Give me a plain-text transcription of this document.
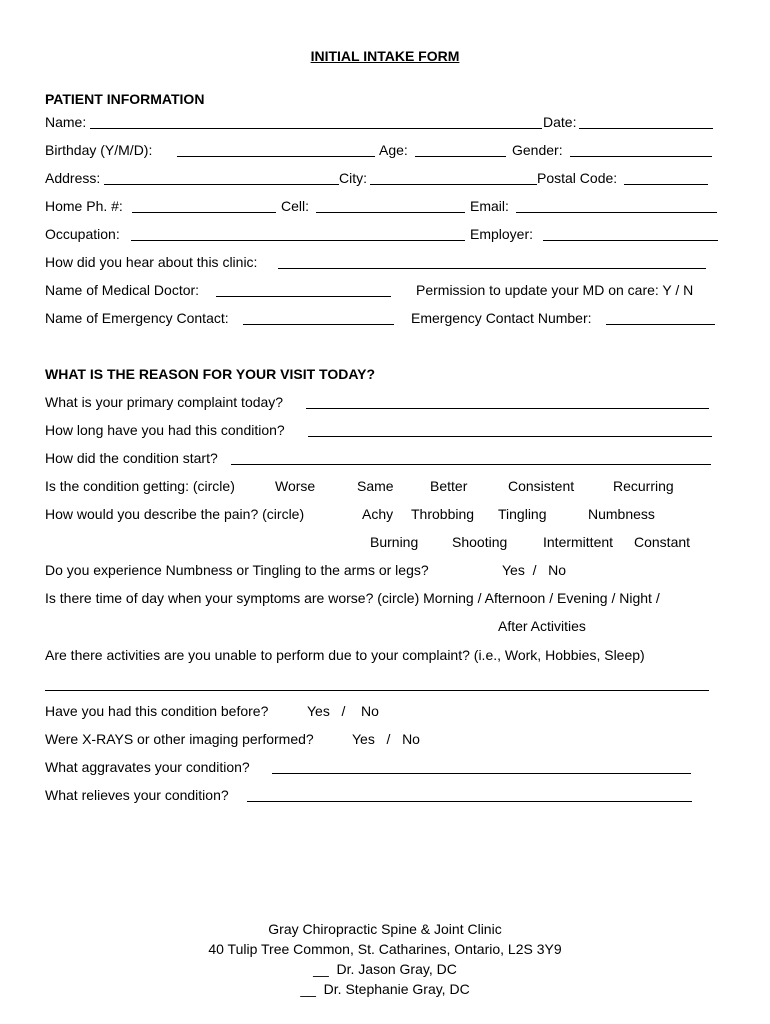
INITIAL INTAKE FORM
PATIENT INFORMATION
Name:	Date:
Birthday (Y/M/D):	Age:	Gender:
Address:	City:	Postal Code:
Home Ph. #:	Cell:	Email:
Occupation:	Employer:
How did you hear about this clinic:
Name of Medical Doctor:	Permission to update your MD on care: Y / N
Name of Emergency Contact:	Emergency Contact Number:
WHAT IS THE REASON FOR YOUR VISIT TODAY?
What is your primary complaint today?
How long have you had this condition?
How did the condition start?
Is the condition getting: (circle)	Worse	Same	Better	Consistent	Recurring
How would you describe the pain? (circle)	Achy Throbbing Tingling	Numbness
Burning Shooting	Intermittent Constant
Do you experience Numbness or Tingling to the arms or legs?	Yes  /   No
Is there time of day when your symptoms are worse? (circle) Morning / Afternoon / Evening / Night /
After Activities
Are there activities are you unable to perform due to your complaint? (i.e., Work, Hobbies, Sleep)
Have you had this condition before?	Yes   /    No
Were X-RAYS or other imaging performed?	Yes   /   No
What aggravates your condition?
What relieves your condition?
Gray Chiropractic Spine & Joint Clinic
40 Tulip Tree Common, St. Catharines, Ontario, L2S 3Y9
__  Dr. Jason Gray, DC
__  Dr. Stephanie Gray, DC
